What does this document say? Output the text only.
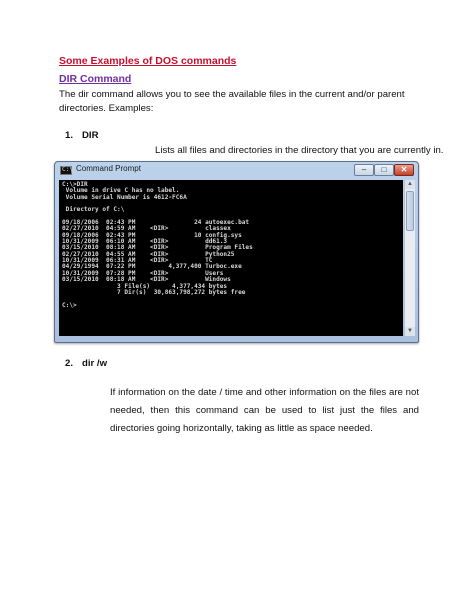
Some Examples of DOS commands
DIR Command
The dir command allows you to see the available files in the current and/or parent directories. Examples:
1. DIR
Lists all files and directories in the directory that you are currently in.
C:\ Command Prompt	–	□	✕
C:\>DIR
Volume in drive C has no label.
Volume Serial Number is 4612-FC6A

Directory of C:\

09/18/2006  02:43 PM                24 autoexec.bat
02/27/2010  04:59 AM    <DIR>          classex
09/18/2006  02:43 PM                10 config.sys
10/31/2009  06:10 AM    <DIR>          dd61.3
03/15/2010  08:18 AM    <DIR>          Program Files
02/27/2010  04:55 AM    <DIR>          Python25
10/31/2009  06:31 AM    <DIR>          TC
04/29/1994  07:22 PM         4,377,400 Turboc.exe
10/31/2009  07:28 PM    <DIR>          Users
03/15/2010  08:18 AM    <DIR>          Windows
3 File(s)      4,377,434 bytes
7 Dir(s)  30,863,798,272 bytes free

C:\>
▲
▼
2. dir /w
If information on the date / time and other information on the files are not needed, then this command can be used to list just the files and directories going horizontally, taking as little as space needed.
